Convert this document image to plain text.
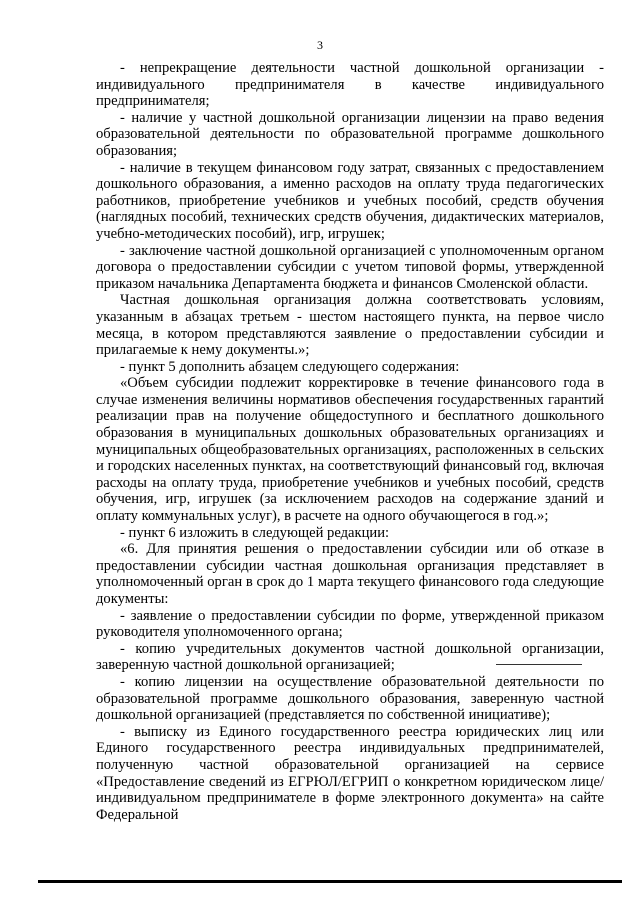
3

- непрекращение деятельности частной дошкольной организации - индивидуального предпринимателя в качестве индивидуального предпринимателя;

- наличие у частной дошкольной организации лицензии на право ведения образовательной деятельности по образовательной программе дошкольного образования;

- наличие в текущем финансовом году затрат, связанных с предоставлением дошкольного образования, а именно расходов на оплату труда педагогических работников, приобретение учебников и учебных пособий, средств обучения (наглядных пособий, технических средств обучения, дидактических материалов, учебно-методических пособий), игр, игрушек;

- заключение частной дошкольной организацией с уполномоченным органом договора о предоставлении субсидии с учетом типовой формы, утвержденной приказом начальника Департамента бюджета и финансов Смоленской области.

Частная дошкольная организация должна соответствовать условиям, указанным в абзацах третьем - шестом настоящего пункта, на первое число месяца, в котором представляются заявление о предоставлении субсидии и прилагаемые к нему документы.»;

- пункт 5 дополнить абзацем следующего содержания:

«Объем субсидии подлежит корректировке в течение финансового года в случае изменения величины нормативов обеспечения государственных гарантий реализации прав на получение общедоступного и бесплатного дошкольного образования в муниципальных дошкольных образовательных организациях и муниципальных общеобразовательных организациях, расположенных в сельских и городских населенных пунктах, на соответствующий финансовый год, включая расходы на оплату труда, приобретение учебников и учебных пособий, средств обучения, игр, игрушек (за исключением расходов на содержание зданий и оплату коммунальных услуг), в расчете на одного обучающегося в год.»;

- пункт 6 изложить в следующей редакции:

«6. Для принятия решения о предоставлении субсидии или об отказе в предоставлении субсидии частная дошкольная организация представляет в уполномоченный орган в срок до 1 марта текущего финансового года следующие документы:

- заявление о предоставлении субсидии по форме, утвержденной приказом руководителя уполномоченного органа;

- копию учредительных документов частной дошкольной организации, заверенную частной дошкольной организацией;

- копию лицензии на осуществление образовательной деятельности по образовательной программе дошкольного образования, заверенную частной дошкольной организацией (представляется по собственной инициативе);

- выписку из Единого государственного реестра юридических лиц или Единого государственного реестра индивидуальных предпринимателей, полученную частной образовательной организацией на сервисе «Предоставление сведений из ЕГРЮЛ/ЕГРИП о конкретном юридическом лице/индивидуальном предпринимателе в форме электронного документа» на сайте Федеральной
